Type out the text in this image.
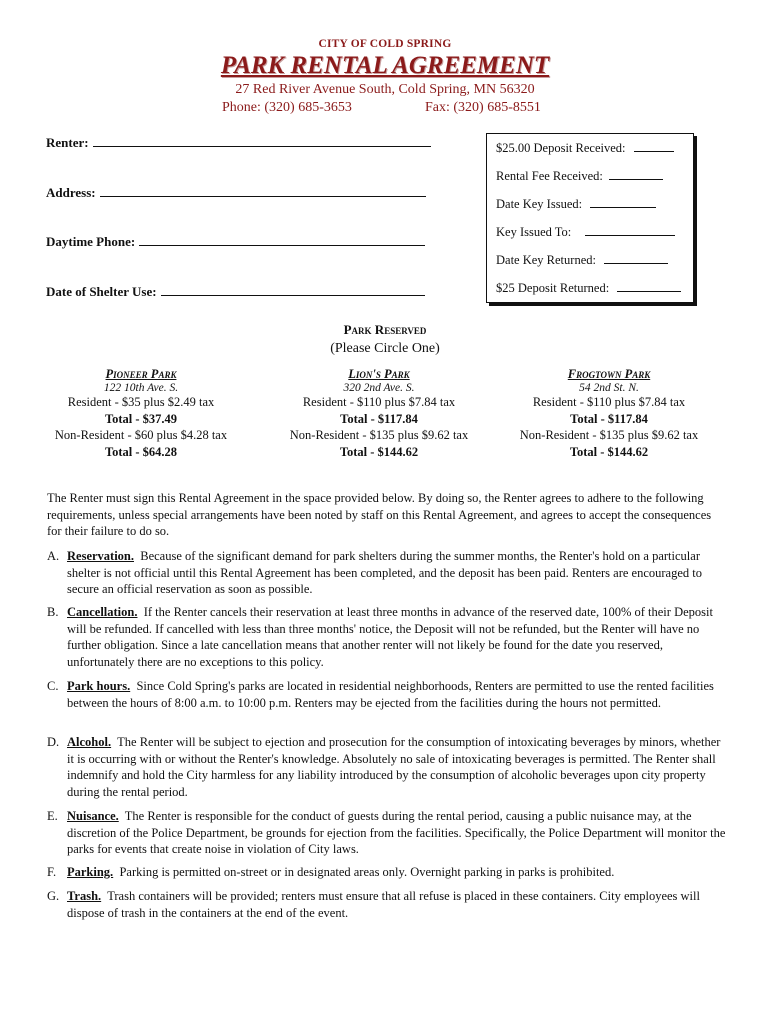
CITY OF COLD SPRING
PARK RENTAL AGREEMENT
27 Red River Avenue South, Cold Spring, MN 56320
Phone: (320) 685-3653	Fax: (320) 685-8551
Renter:
Address:
Daytime Phone:
Date of Shelter Use:
$25.00 Deposit Received:
Rental Fee Received:
Date Key Issued:
Key Issued To:
Date Key Returned:
$25 Deposit Returned:
Park Reserved
(Please Circle One)
Pioneer Park
122 10th Ave. S.
Resident - $35 plus $2.49 tax
Total - $37.49
Non-Resident - $60 plus $4.28 tax
Total - $64.28
Lion's Park
320 2nd Ave. S.
Resident - $110 plus $7.84 tax
Total - $117.84
Non-Resident - $135 plus $9.62 tax
Total - $144.62
Frogtown Park
54 2nd St. N.
Resident - $110 plus $7.84 tax
Total - $117.84
Non-Resident - $135 plus $9.62 tax
Total - $144.62
The Renter must sign this Rental Agreement in the space provided below. By doing so, the Renter agrees to adhere to the following requirements, unless special arrangements have been noted by staff on this Rental Agreement, and agrees to accept the consequences for their failure to do so.
A. Reservation. Because of the significant demand for park shelters during the summer months, the Renter's hold on a particular shelter is not official until this Rental Agreement has been completed, and the deposit has been paid. Renters are encouraged to secure an official reservation as soon as possible.
B. Cancellation. If the Renter cancels their reservation at least three months in advance of the reserved date, 100% of their Deposit will be refunded. If cancelled with less than three months' notice, the Deposit will not be refunded, but the Renter will have no further obligation. Since a late cancellation means that another renter will not likely be found for the date you reserved, unfortunately there are no exceptions to this policy.
C. Park hours. Since Cold Spring's parks are located in residential neighborhoods, Renters are permitted to use the rented facilities between the hours of 8:00 a.m. to 10:00 p.m. Renters may be ejected from the facilities during the hours not permitted.
D. Alcohol. The Renter will be subject to ejection and prosecution for the consumption of intoxicating beverages by minors, whether it is occurring with or without the Renter's knowledge. Absolutely no sale of intoxicating beverages is permitted. The Renter shall indemnify and hold the City harmless for any liability introduced by the consumption of alcoholic beverages upon city property during the rental period.
E. Nuisance. The Renter is responsible for the conduct of guests during the rental period, causing a public nuisance may, at the discretion of the Police Department, be grounds for ejection from the facilities. Specifically, the Police Department will monitor the parks for events that create noise in violation of City laws.
F. Parking. Parking is permitted on-street or in designated areas only. Overnight parking in parks is prohibited.
G. Trash. Trash containers will be provided; renters must ensure that all refuse is placed in these containers. City employees will dispose of trash in the containers at the end of the event.
